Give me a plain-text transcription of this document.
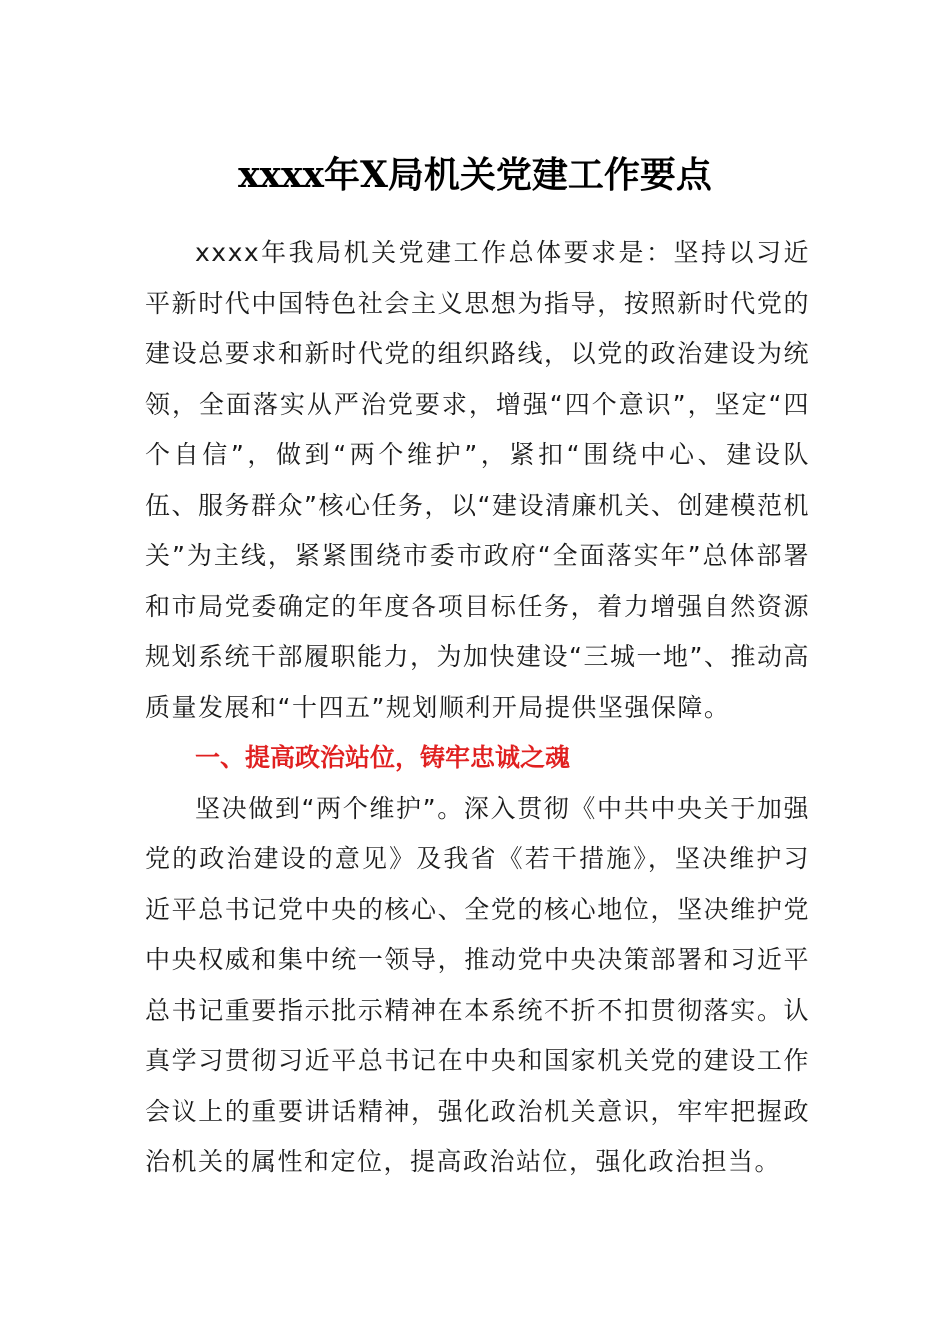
xxxx年X局机关党建工作要点

xxxx年我局机关党建工作总体要求是：坚持以习近平新时代中国特色社会主义思想为指导，按照新时代党的建设总要求和新时代党的组织路线，以党的政治建设为统领，全面落实从严治党要求，增强“四个意识”，坚定“四个自信”，做到“两个维护”，紧扣“围绕中心、建设队伍、服务群众”核心任务，以“建设清廉机关、创建模范机关”为主线，紧紧围绕市委市政府“全面落实年”总体部署和市局党委确定的年度各项目标任务，着力增强自然资源规划系统干部履职能力，为加快建设“三城一地”、推动高质量发展和“十四五”规划顺利开局提供坚强保障。

一、提高政治站位，铸牢忠诚之魂

坚决做到“两个维护”。深入贯彻《中共中央关于加强党的政治建设的意见》及我省《若干措施》，坚决维护习近平总书记党中央的核心、全党的核心地位，坚决维护党中央权威和集中统一领导，推动党中央决策部署和习近平总书记重要指示批示精神在本系统不折不扣贯彻落实。认真学习贯彻习近平总书记在中央和国家机关党的建设工作会议上的重要讲话精神，强化政治机关意识，牢牢把握政治机关的属性和定位，提高政治站位，强化政治担当。
